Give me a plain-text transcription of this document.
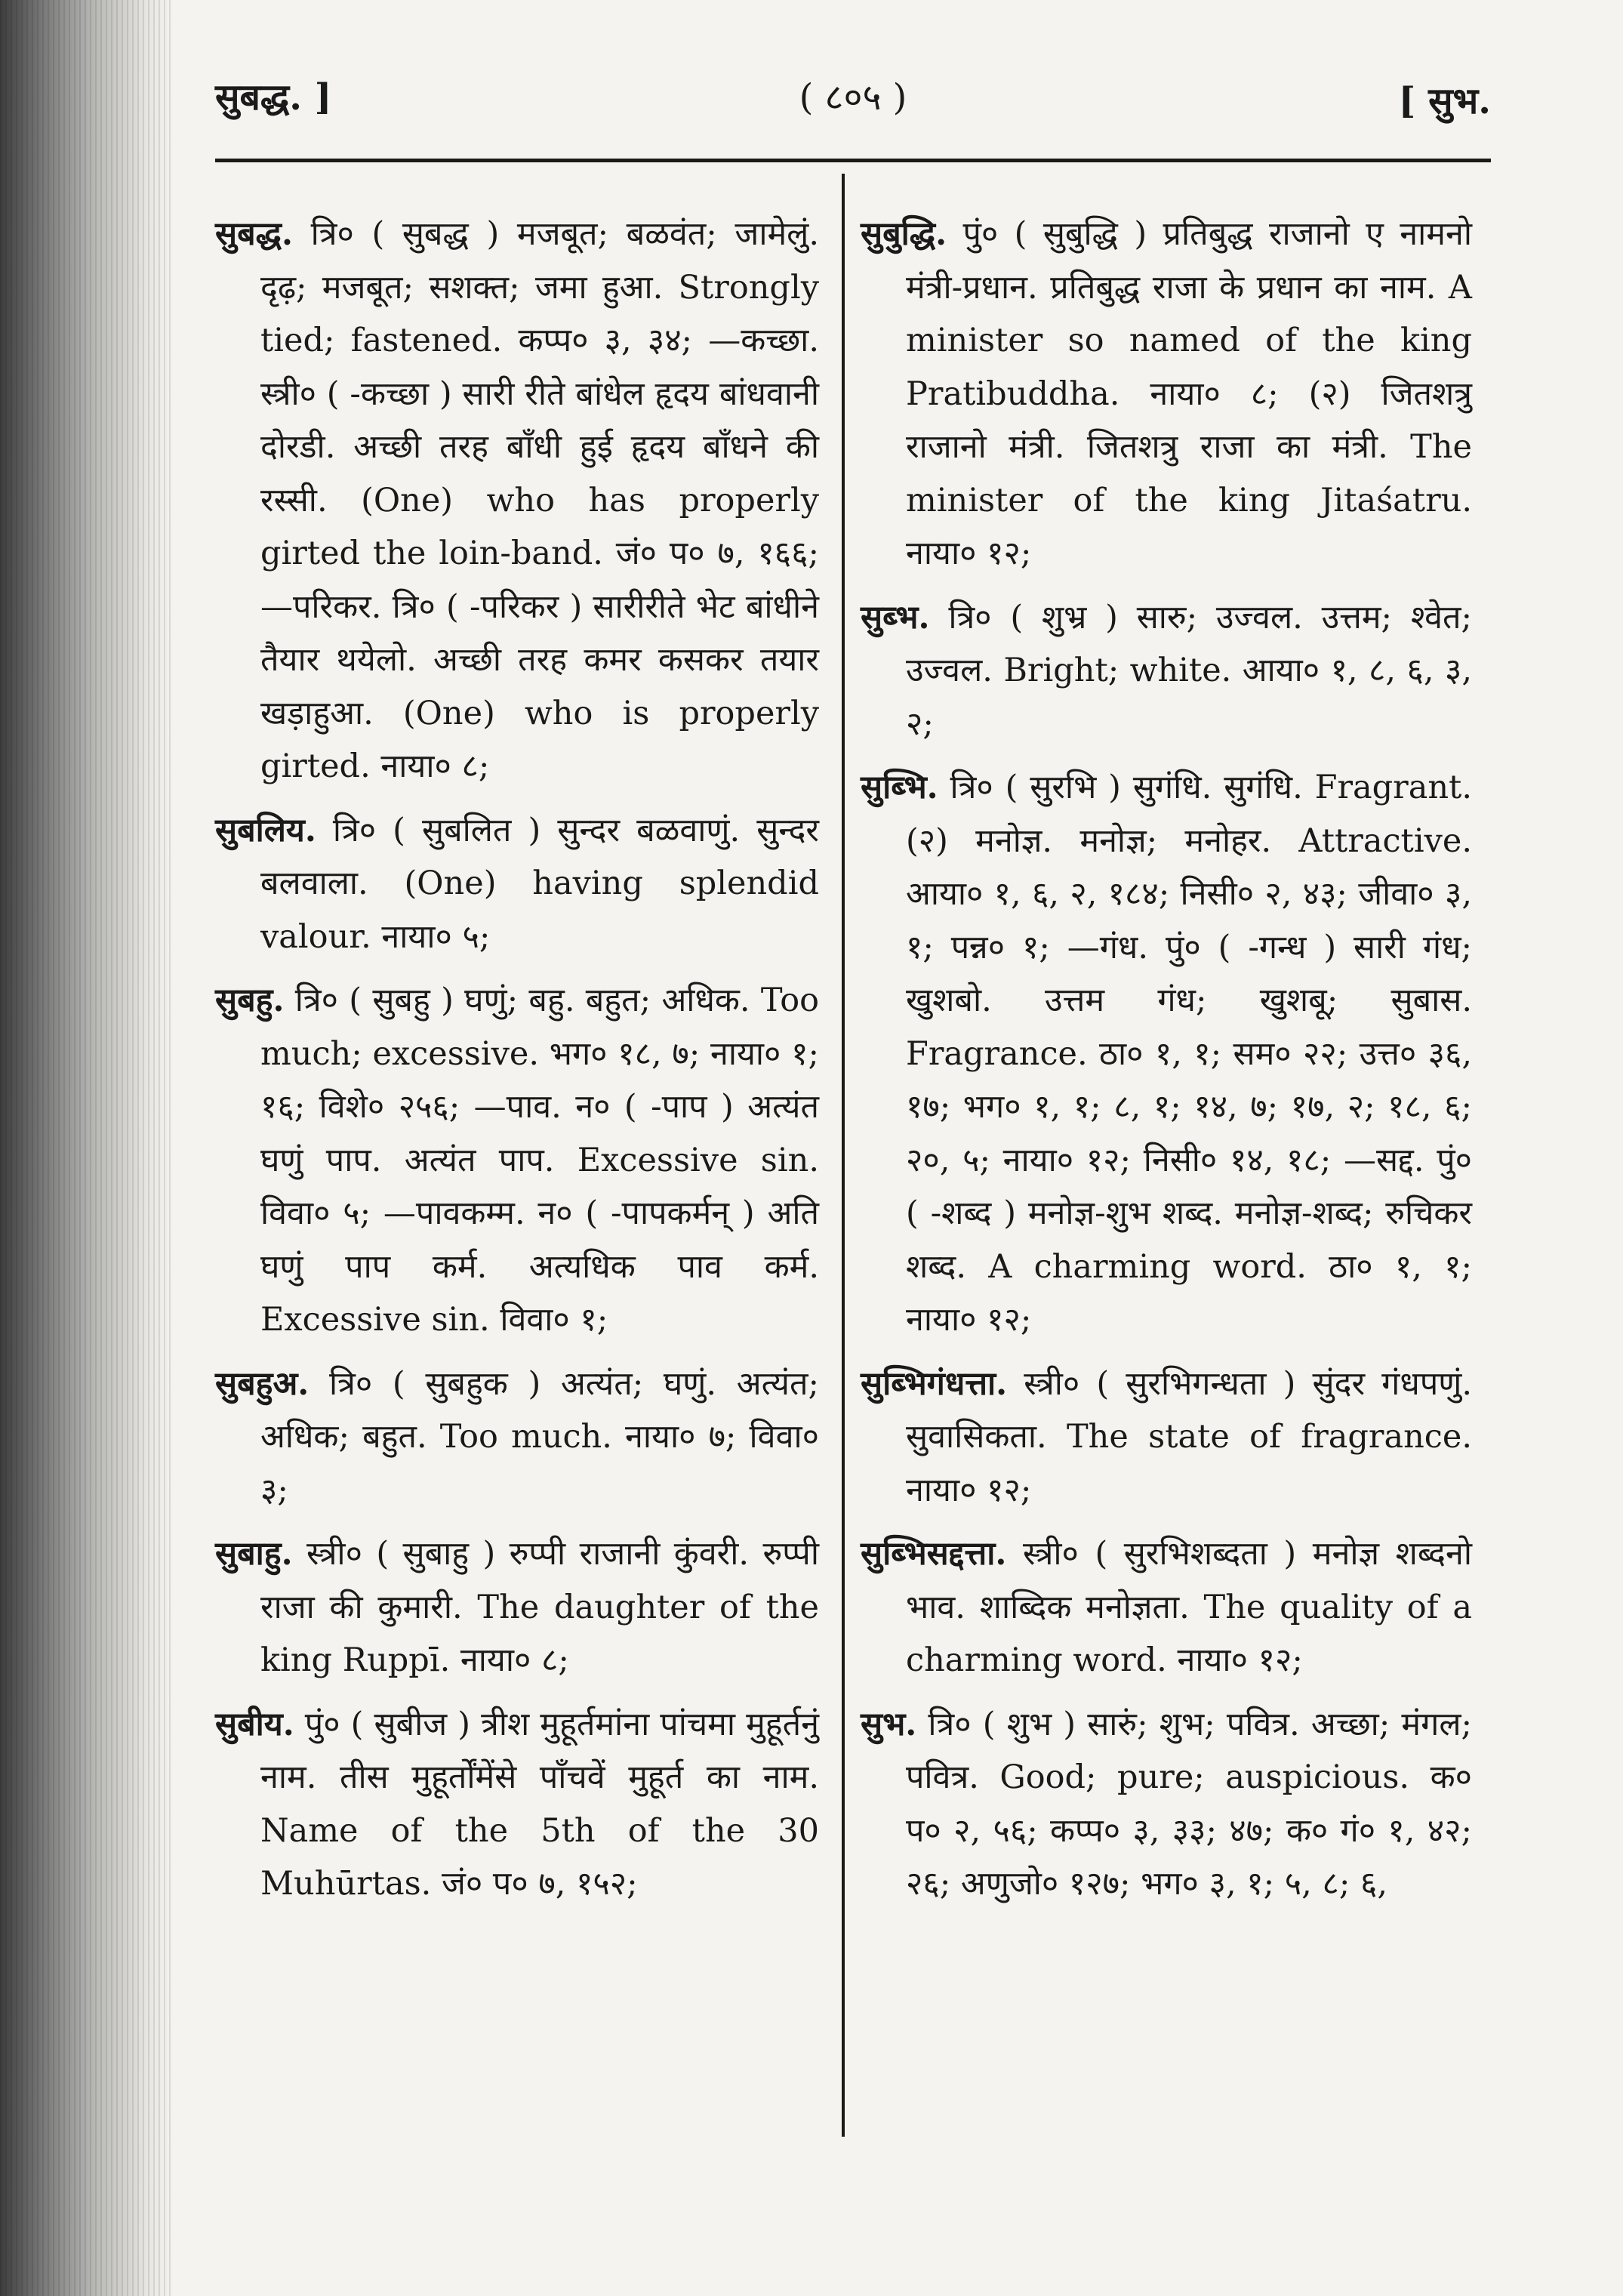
सुबद्ध. ]	( ८०५ )	[ सुभ.

सुबद्ध. त्रि० ( सुबद्ध ) मजबूत; बळवंत; जामेलुं. दृढ़; मजबूत; सशक्त; जमा हुआ. Strongly tied; fastened. कप्प० ३, ३४; —कच्छा. स्त्री० ( -कच्छा ) सारी रीते बांधेल हृदय बांधवानी दोरडी. अच्छी तरह बाँधी हुई हृदय बाँधने की रस्सी. (One) who has properly girted the loin-band. जं० प० ७, १६६; —परिकर. त्रि० ( -परिकर ) सारीरीते भेट बांधीने तैयार थयेलो. अच्छी तरह कमर कसकर तयार खड़ाहुआ. (One) who is properly girted. नाया० ८;

सुबलिय. त्रि० ( सुबलित ) सुन्दर बळवाणुं. सुन्दर बलवाला. (One) having splendid valour. नाया० ५;

सुबहु. त्रि० ( सुबहु ) घणुं; बहु. बहुत; अधिक. Too much; excessive. भग० १८, ७; नाया० १; १६; विशे० २५६; —पाव. न० ( -पाप ) अत्यंत घणुं पाप. अत्यंत पाप. Excessive sin. विवा० ५; —पावकम्म. न० ( -पापकर्मन् ) अति घणुं पाप कर्म. अत्यधिक पाव कर्म. Excessive sin. विवा० १;

सुबहुअ. त्रि० ( सुबहुक ) अत्यंत; घणुं. अत्यंत; अधिक; बहुत. Too much. नाया० ७; विवा० ३;

सुबाहु. स्त्री० ( सुबाहु ) रुप्पी राजानी कुंवरी. रुप्पी राजा की कुमारी. The daughter of the king Ruppī. नाया० ८;

सुबीय. पुं० ( सुबीज ) त्रीश मुहूर्तमांना पांचमा मुहूर्तनुं नाम. तीस मुहूर्तोंमेंसे पाँचवें मुहूर्त का नाम. Name of the 5th of the 30 Muhūrtas. जं० प० ७, १५२;

सुबुद्धि. पुं० ( सुबुद्धि ) प्रतिबुद्ध राजानो ए नामनो मंत्री-प्रधान. प्रतिबुद्ध राजा के प्रधान का नाम. A minister so named of the king Pratibuddha. नाया० ८; (२) जितशत्रु राजानो मंत्री. जितशत्रु राजा का मंत्री. The minister of the king Jitaśatru. नाया० १२;

सुब्भ. त्रि० ( शुभ्र ) सारु; उज्वल. उत्तम; श्वेत; उज्वल. Bright; white. आया० १, ८, ६, ३, २;

सुब्भि. त्रि० ( सुरभि ) सुगंधि. सुगंधि. Fragrant. (२) मनोज्ञ. मनोज्ञ; मनोहर. Attractive. आया० १, ६, २, १८४; निसी० २, ४३; जीवा० ३, १; पन्न० १; —गंध. पुं० ( -गन्ध ) सारी गंध; खुशबो. उत्तम गंध; खुशबू; सुबास. Fragrance. ठा० १, १; सम० २२; उत्त० ३६, १७; भग० १, १; ८, १; १४, ७; १७, २; १८, ६; २०, ५; नाया० १२; निसी० १४, १८; —सद्द. पुं० ( -शब्द ) मनोज्ञ-शुभ शब्द. मनोज्ञ-शब्द; रुचिकर शब्द. A charming word. ठा० १, १; नाया० १२;

सुब्भिगंधत्ता. स्त्री० ( सुरभिगन्धता ) सुंदर गंधपणुं. सुवासिकता. The state of fragrance. नाया० १२;

सुब्भिसद्दत्ता. स्त्री० ( सुरभिशब्दता ) मनोज्ञ शब्दनो भाव. शाब्दिक मनोज्ञता. The quality of a charming word. नाया० १२;

सुभ. त्रि० ( शुभ ) सारुं; शुभ; पवित्र. अच्छा; मंगल; पवित्र. Good; pure; auspicious. क० प० २, ५६; कप्प० ३, ३३; ४७; क० गं० १, ४२; २६; अणुजो० १२७; भग० ३, १; ५, ८; ६,
